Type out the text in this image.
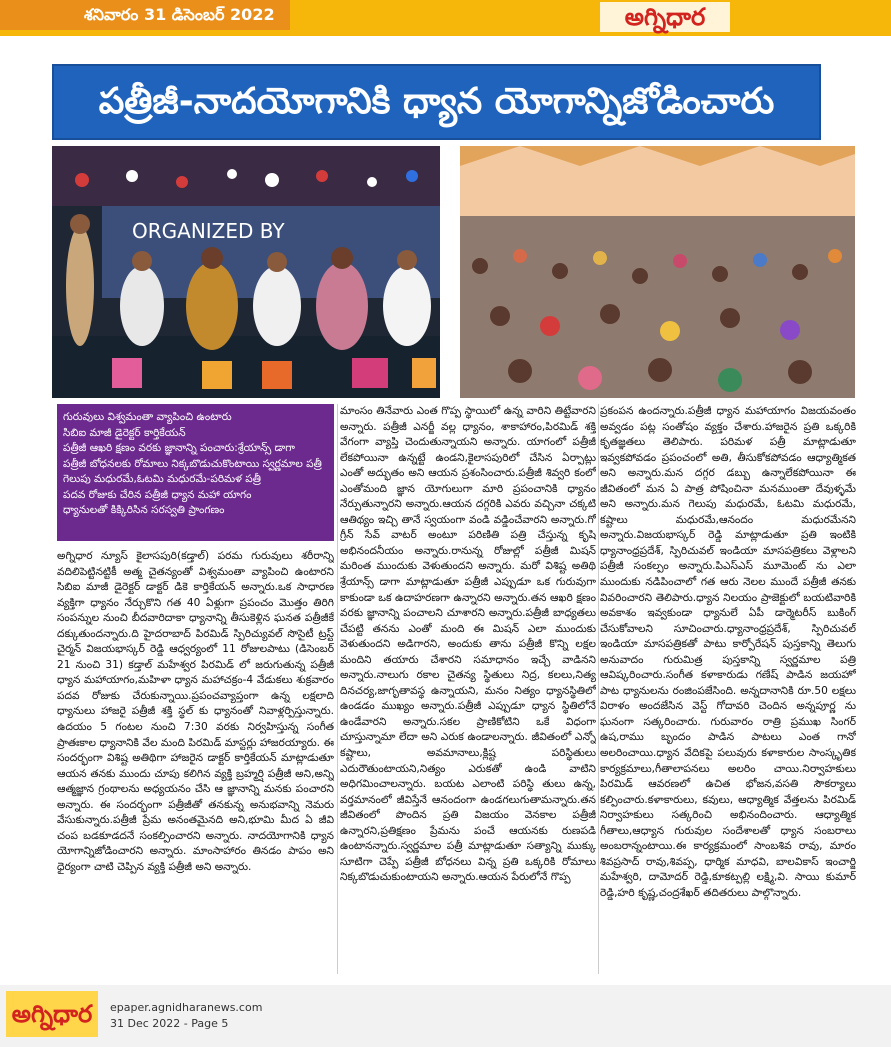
శనివారం 31 డిసెంబర్ 2022	అగ్నిధార
పత్రీజీ-నాదయోగానికి ధ్యాన యోగాన్నిజోడించారు
ORGANIZED BY
గురువులు విశ్వమంతా వ్యాపించి ఉంటారు
సిబిఐ మాజీ డైరెక్టర్ కార్తికేయన్
పత్రీజీ ఆఖరి క్షణం వరకు జ్ఞానాన్ని పంచారు:శ్రేయాన్స్ డాగా
పత్రీజీ బోధనలకు రోమాలు నిక్కబొడుచుకొంటాయి స్వర్ణమాల పత్రీ
గెలుపు మధురమే,ఓటమి మధురమే-పరిమళ పత్రీ
పదవ రోజుకు చేరిన పత్రీజీ ధ్యాన మహా యాగం
ధ్యానులతో కిక్కిరిసిన సరస్వతి ప్రాంగణం

అగ్నిధార న్యూస్ కైలాసపురి(కడ్తాల్) పరమ గురువులు శరీరాన్ని వదిలిపెట్టినట్టికీ అత్మ చైతన్యంతో విశ్వమంతా వ్యాపించి ఉంటారని సిబిఐ మాజీ డైరెక్టర్ డాక్టర్ డికె కార్తికేయన్ అన్నారు.ఒక సాధారణ వ్యక్తిగా ధ్యానం నేర్చుకొని గత 40 ఏళ్లుగా ప్రపంచం మొత్తం తిరిగి సంపన్నుల నుంచి బీదవారిదాకా ధ్యానాన్ని తీసుకెళ్లిన ఘనత పత్రీజీకే దక్కుతుందన్నారు.ది హైదరాబాద్ పిరమిడ్ స్పిరిచ్యువల్ సొసైటీ ట్రస్ట్ చైర్మన్ విజయభాస్కర్ రెడ్డి ఆధ్వర్యంలో 11 రోజులపాటు (డిసెంబర్ 21 నుంచి 31) కడ్తాల్ మహేశ్వర పిరమిడ్ లో జరుగుతున్న పత్రీజీ ధ్యాన మహాయాగం,మహిళా ధ్యాన మహాచక్రం-4 వేడుకలు శుక్రవారం పదవ రోజుకు చేరుకున్నాయి.ప్రపంచవ్యాప్తంగా ఉన్న లక్షలాది ధ్యానులు హాజరై పత్రీజీ శక్తి స్థల్ కు ధ్యానంతో నివాళ్లర్పిస్తున్నారు. ఉదయం 5 గంటల నుంచి 7:30 వరకు నిర్వహిస్తున్న సంగీత ప్రాతఃకాల ధ్యానానికి వేల మంది పిరమిడ్ మాస్టర్లు హాజరయ్యారు. ఈ సందర్భంగా విశిష్ట అతిథిగా హాజరైన డాక్టర్ కార్తికేయన్ మాట్లాడుతూ ఆయన తనకు ముందు చూపు కలిగిన వ్యక్తి బ్రహ్మర్షి పత్రీజీ అని,అన్ని ఆత్మజ్ఞాన గ్రంథాలను అధ్యయనం చేసి ఆ జ్ఞానాన్ని మనకు పంచారని అన్నారు. ఈ సందర్భంగా పత్రీజీతో తనకున్న అనుభవాన్ని నెమరు వేసుకున్నారు.పత్రీజీ ప్రేమ అనంతమైనది అని,భూమి మీద ఏ జీవి చంప బడకూడదనే సంకల్పించారని అన్నారు. నాదయోగానికి ధ్యాన యోగాన్నిజోడించారని అన్నారు. మాంసాహారం తినడం పాపం అని ధైర్యంగా చాటి చెప్పిన వ్యక్తి పత్రీజీ అని అన్నారు.

మాంసం తినేవారు ఎంత గొప్ప స్థాయిలో ఉన్న వారిని తిట్టేవారని అన్నారు. పత్రీజీ ఎనర్జీ వల్ల ధ్యానం, శాకాహారం,పిరమిడ్ శక్తి వేగంగా వ్యాప్తి చెందుతున్నాయని అన్నారు. యాగంలో పత్రీజీ లేకపోయినా ఉన్నట్టే ఉండని,కైలాసపురిలో చేసిన ఏర్పాట్లు ఎంతో అద్భుతం అని ఆయన ప్రశంసించారు.పత్రీజీ శివ్వరి కంలో ఎంతోమంది జ్ఞాన యోగులుగా మారి ప్రపంచానికి ధ్యానం నేర్పుతున్నారని అన్నారు.ఆయన దగ్గరికి ఎవరు వచ్చినా చక్కటి ఆతిథ్యం ఇచ్చి తానే స్వయంగా వండి వడ్డించేవారని అన్నారు.గో గ్రీన్ సేవ్ వాటర్ అంటూ పరిణితి పత్రి చేస్తున్న కృషి అభినందనీయం అన్నారు.రానున్న రోజుల్లో పత్రీజీ మిషన్ మరింత ముందుకు వెళుతుందని అన్నారు. మరో విశిష్ట అతిథి శ్రేయాన్స్ డాగా మాట్లాడుతూ పత్రీజీ ఎప్పుడూ ఒక గురువుగా కాకుండా ఒక ఉదాహరణగా ఉన్నారని అన్నారు.తన ఆఖరి క్షణం వరకు జ్ఞానాన్ని పంచాలని చూశారని అన్నారు.పత్రీజీ బాధ్యతలు చేపట్టి తనను ఎంతో మంది ఈ మిషన్ ఎలా ముందుకు వెళుతుందని అడిగారని, అందుకు తాను పత్రీజీ కొన్ని లక్షల మందిని తయారు చేశారని సమాధానం ఇచ్చే వాడినని అన్నారు.నాలుగు రకాల చైతన్య స్థితులు నిద్ర, కలలు,నిత్య దినచర్య,జాగృతావస్థ ఉన్నాయని, మనం నిత్యం ధ్యానస్థితిలో ఉండడం ముఖ్యం అన్నారు.పత్రీజీ ఎప్పుడూ ధ్యాన స్థితిలోనే ఉండేవారని అన్నారు.సకల ప్రాణికోటిని ఒకే విధంగా చూస్తున్నామా లేదా అని ఎరుక ఉండాలన్నారు. జీవితంలో ఎన్నో కష్టాలు, అవమానాలు,క్లిష్ట పరిస్థితులు ఎదురౌతుంటాయని,నిత్యం ఎరుకతో ఉండి వాటిని అధిగమించాలన్నారు. బయట ఎలాంటి పరిస్థి తులు ఉన్న, వర్తమానంలో జీవిస్తేనే ఆనందంగా ఉండగలుగుతామన్నారు.తన జీవితంలో పొందిన ప్రతి విజయం వెనకాల పత్రీజీ ఉన్నారని,ప్రతిక్షణం ప్రేమను పంచే ఆయనకు రుణపడి ఉంటానన్నారు.స్వర్ణమాల పత్రీ మాట్లాడుతూ సత్యాన్ని ముక్కు సూటిగా చెప్పే పత్రీజీ బోధనలు విన్న ప్రతి ఒక్కరికి రోమాలు నిక్కబొడుచుకుంటాయని అన్నారు.ఆయన పేరులోనే గొప్ప

ప్రకంపన ఉందన్నారు.పత్రీజీ ధ్యాన మహాయాగం విజయవంతం అవ్వడం పట్ల సంతోషం వ్యక్తం చేశారు.హాజరైన ప్రతి ఒక్కరికి కృతజ్ఞతలు తెలిపారు. పరిమళ పత్రీ మాట్లాడుతూ ఇవ్వకపోవడం ప్రపంచంలో అతి, తీసుకోకపోవడం ఆధ్యాత్మికత అని అన్నారు.మన దగ్గర డబ్బు ఉన్నాలేకపోయినా ఈ జీవితంలో మన ఏ పాత్ర పోషించినా మనముంతా దేవుళ్ళమే అని అన్నారు.మన గెలుపు మధురమే, ఓటమి మధురమే, కష్టాలు మధురమే,ఆనందం మధురమేనని అన్నారు.విజయభాస్కర్ రెడ్డి మాట్లాడుతూ ప్రతి ఇంటికి ధ్యానాంధ్రప్రదేశ్, స్పిరిచువల్ ఇండియా మాసపత్రికలు వెళ్లాలని పత్రీజీ సంకల్పం అన్నారు.పిఎస్ఎస్ మూమెంట్ ను ఎలా ముందుకు నడిపించాలో గత ఆరు నెలల ముందే పత్రీజీ తనకు వివరించారని తెలిపారు.ధ్యాన నిలయం ప్రాజెక్టులో బయటివారికి అవకాశం ఇవ్వకుండా ధ్యానులే ఏపీ డార్మెటరీస్ బుకింగ్ చేసుకోవాలని సూచించారు.ధ్యానాంధ్రప్రదేశ్, స్పిరిచువల్ ఇండియా మాసపత్రికతో పాటు కార్పోరేషన్ పుస్తకాన్ని తెలుగు అనువాదం గురుమిత్ర పుస్తకాన్ని స్వర్ణమాల పత్రి ఆవిష్కరించారు.సంగీత కళాకారుడు గణేష్ పాడిన జయహో పాట ధ్యానులను రంజింపజేసింది. అన్నదానానికి రూ.50 లక్షలు విరాళం అందజేసిన వెస్ట్ గోదావరి చెందిన అన్నపూర్ణ ను ఘనంగా సత్కరించారు. గురువారం రాత్రి ప్రముఖ సింగర్ ఉష,రాము బృందం పాడిన పాటలు ఎంత గానో అలరించాయి.ధ్యాన వేదికపై పలువురు కళాకారుల సాంస్కృతిక కార్యక్రమాలు,గీతాలాపనలు అలరిం చాయి.నిర్వాహకులు పిరమిడ్ ఆవరణలో ఉచిత భోజన,వసతి సౌకర్యాలు కల్పించారు.కళాకారులు, కవులు, ఆధ్యాత్మిక వేత్తలను పిరమిడ్ నిర్వాహకులు సత్కరించి అభినందించారు. ఆధ్యాత్మిక గీతాలు,ఆధ్యాన గురువుల సందేశాలతో ధ్యాన సంబరాలు అంబరాన్నంటాయి.ఈ కార్యక్రమంలో సాంబశివ రావు, మారం శివప్రసాద్ రావు,శివప్ప, ధార్మిక మాధవి, బాలవికాస్ ఇంచార్జి మహేశ్వరి, దామోదర్ రెడ్డి,కూకట్పల్లి లక్ష్మి,వి. సాయి కుమార్ రెడ్డి,హరి కృష్ణ,చంద్రశేఖర్ తదితరులు పాల్గొన్నారు.

అగ్నిధార	epaper.agnidharanews.com
31 Dec 2022 - Page 5
